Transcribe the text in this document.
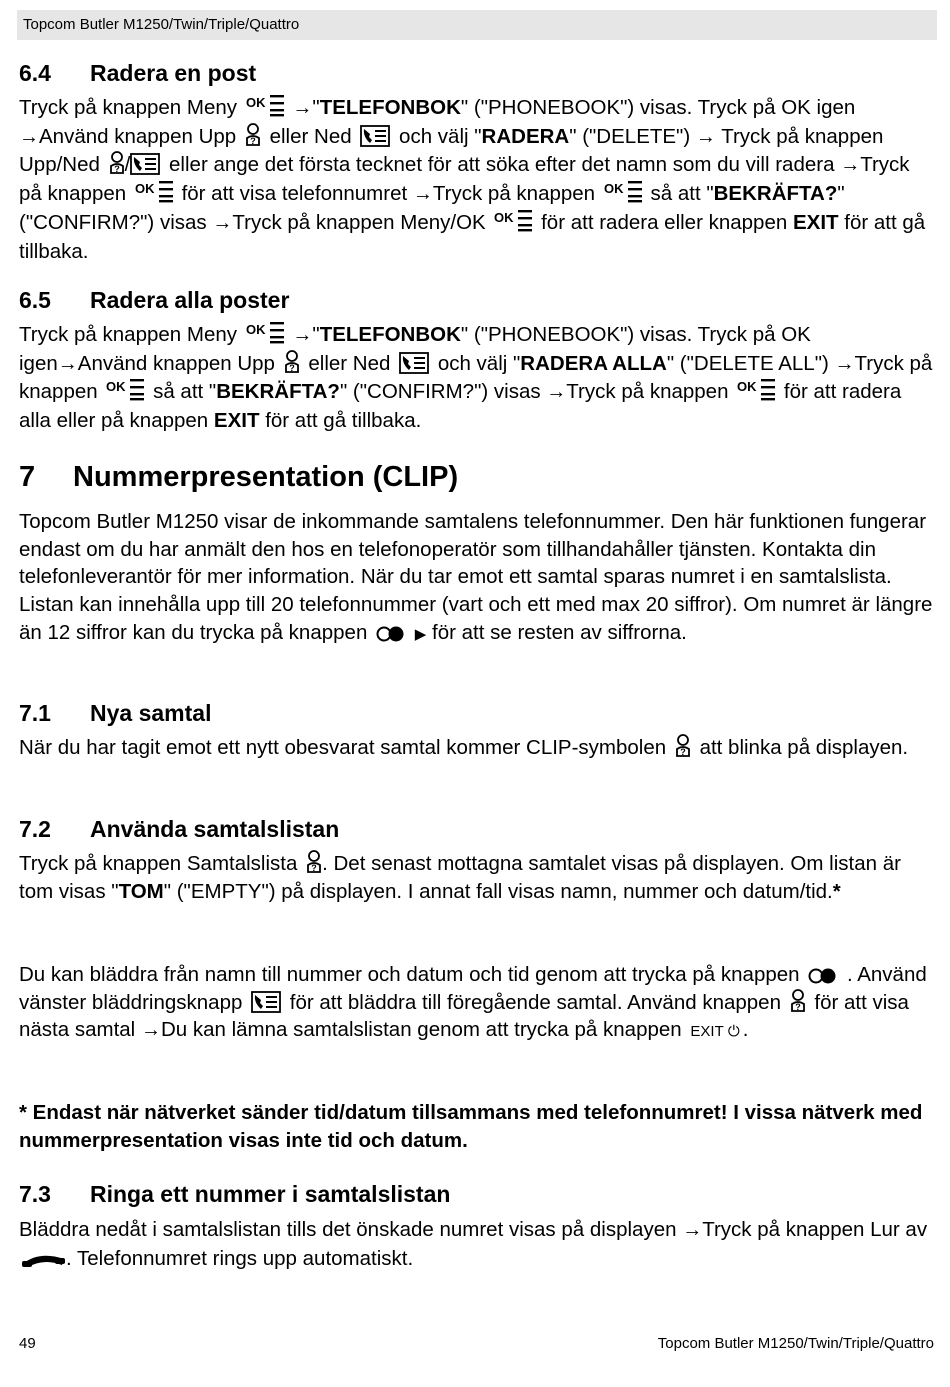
Topcom Butler M1250/Twin/Triple/Quattro
6.4 Radera en post

Tryck på knappen Meny	→"TELEFONBOK" ("PHONEBOOK") visas. Tryck på OK igen →Använd knappen Upp eller Ned och välj "RADERA" ("DELETE") → Tryck på knappen Upp/Ned / eller ange det första tecknet för att söka efter det namn som du vill radera →Tryck på knappen	för att visa telefonnumret →Tryck på knappen	så att "BEKRÄFTA?" ("CONFIRM?") visas →Tryck på knappen Meny/OK	för att radera eller knappen EXIT för att gå tillbaka.

6.5 Radera alla poster

Tryck på knappen Meny	→"TELEFONBOK" ("PHONEBOOK") visas. Tryck på OK igen→Använd knappen Upp eller Ned och välj "RADERA ALLA" ("DELETE ALL") →Tryck på knappen	så att "BEKRÄFTA?" ("CONFIRM?") visas →Tryck på knappen	för att radera alla eller på knappen EXIT för att gå tillbaka.

7 Nummerpresentation (CLIP)

Topcom Butler M1250 visar de inkommande samtalens telefonnummer. Den här funktionen fungerar endast om du har anmält den hos en telefonoperatör som tillhandahåller tjänsten. Kontakta din telefonleverantör för mer information. När du tar emot ett samtal sparas numret i en samtalslista. Listan kan innehålla upp till 20 telefonnummer (vart och ett med max 20 siffror). Om numret är längre än 12 siffror kan du trycka på knappen	▶ för att se resten av siffrorna.

7.1 Nya samtal

När du har tagit emot ett nytt obesvarat samtal kommer CLIP-symbolen att blinka på displayen.

7.2 Använda samtalslistan

Tryck på knappen Samtalslista . Det senast mottagna samtalet visas på displayen. Om listan är tom visas "TOM" ("EMPTY") på displayen. I annat fall visas namn, nummer och datum/tid.*

Du kan bläddra från namn till nummer och datum och tid genom att trycka på knappen . Använd vänster bläddringsknapp för att bläddra till föregående samtal. Använd knappen för att visa nästa samtal →Du kan lämna samtalslistan genom att trycka på knappen EXIT ⏻ .

* Endast när nätverket sänder tid/datum tillsammans med telefonnumret! I vissa nätverk med nummerpresentation visas inte tid och datum.

7.3 Ringa ett nummer i samtalslistan

Bläddra nedåt i samtalslistan tills det önskade numret visas på displayen →Tryck på knappen Lur av . Telefonnumret rings upp automatiskt.

49	Topcom Butler M1250/Twin/Triple/Quattro
